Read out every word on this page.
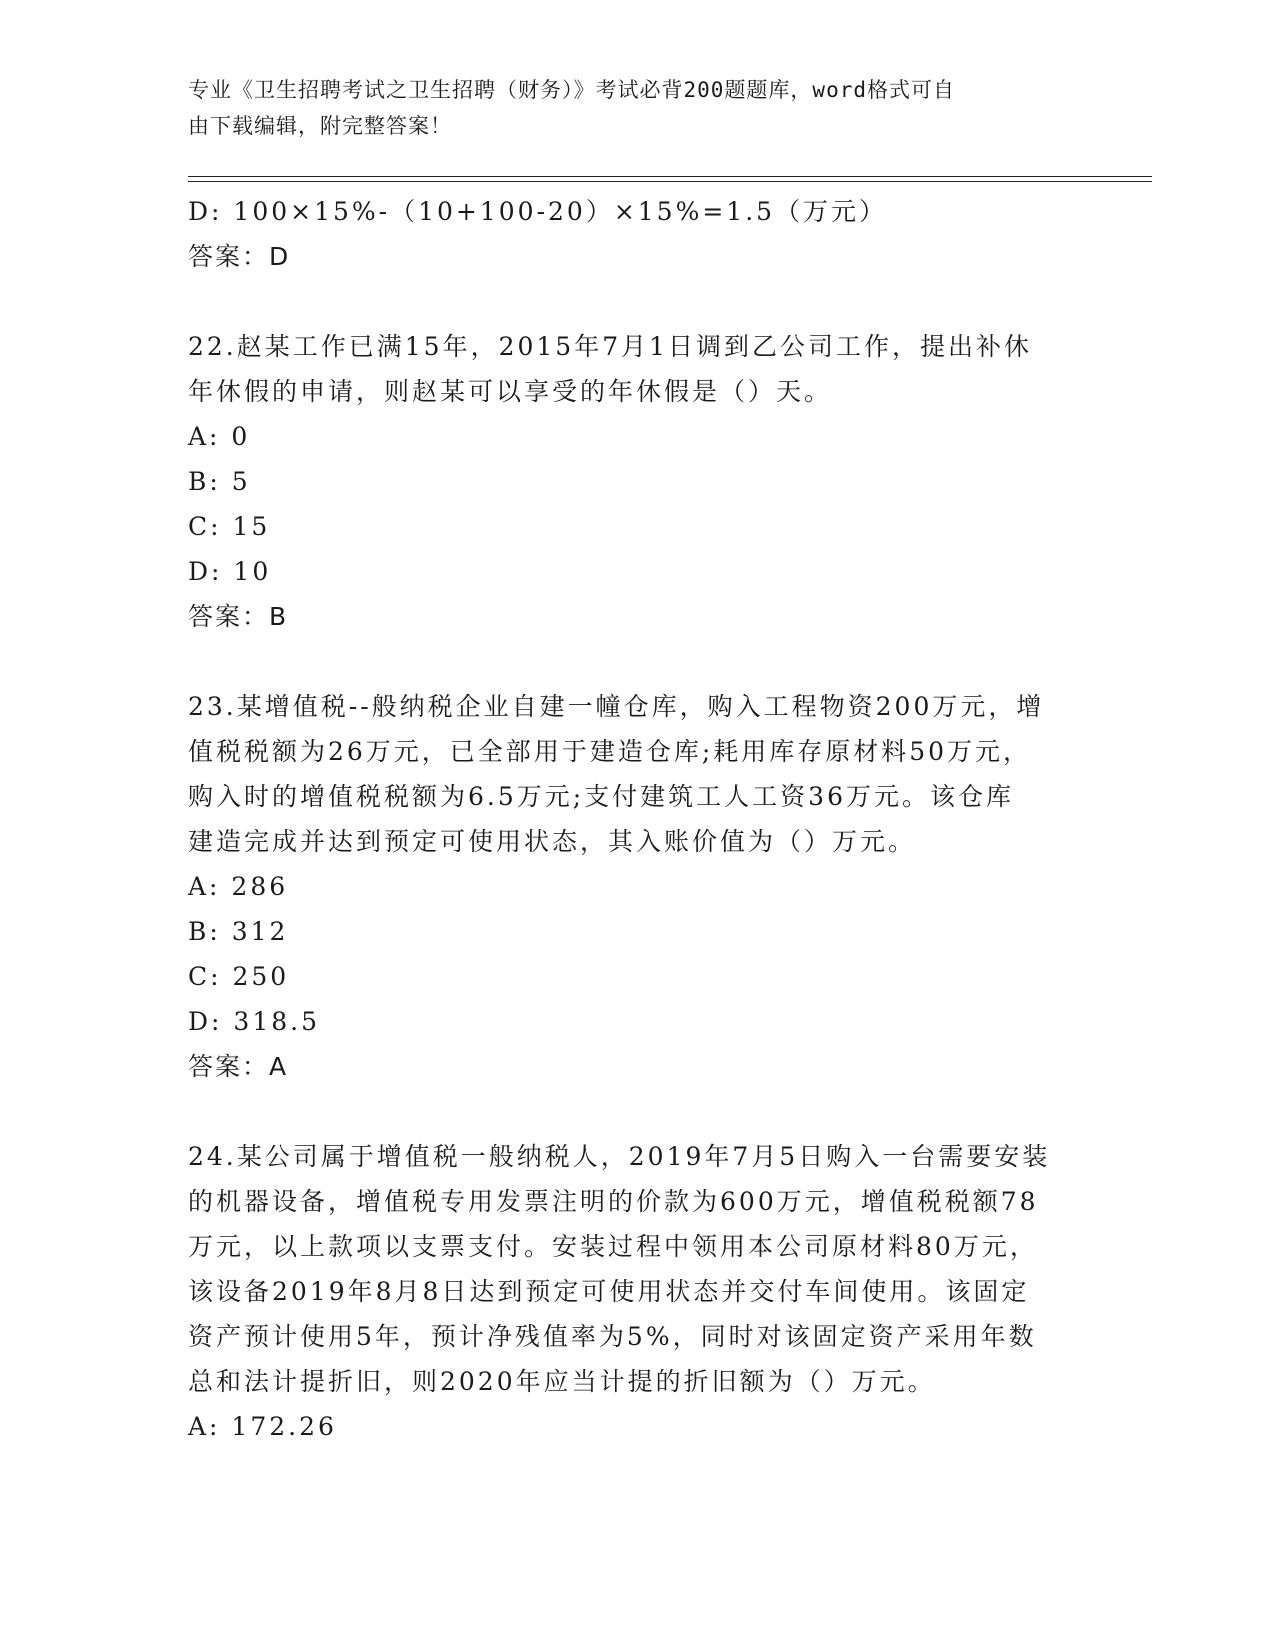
专业《卫生招聘考试之卫生招聘（财务）》考试必背200题题库，word格式可自
由下载编辑，附完整答案！
D: 100×15%-（10+100-20）×15%=1.5（万元）
答案：D
22.赵某工作已满15年，2015年7月1日调到乙公司工作，提出补休
年休假的申请，则赵某可以享受的年休假是（）天。
A: 0
B: 5
C: 15
D: 10
答案：B
23.某增值税--般纳税企业自建一幢仓库，购入工程物资200万元，增
值税税额为26万元，已全部用于建造仓库;耗用库存原材料50万元，
购入时的增值税税额为6.5万元;支付建筑工人工资36万元。该仓库
建造完成并达到预定可使用状态，其入账价值为（）万元。
A: 286
B: 312
C: 250
D: 318.5
答案：A
24.某公司属于增值税一般纳税人，2019年7月5日购入一台需要安装
的机器设备，增值税专用发票注明的价款为600万元，增值税税额78
万元，以上款项以支票支付。安装过程中领用本公司原材料80万元，
该设备2019年8月8日达到预定可使用状态并交付车间使用。该固定
资产预计使用5年，预计净残值率为5%，同时对该固定资产采用年数
总和法计提折旧，则2020年应当计提的折旧额为（）万元。
A: 172.26
